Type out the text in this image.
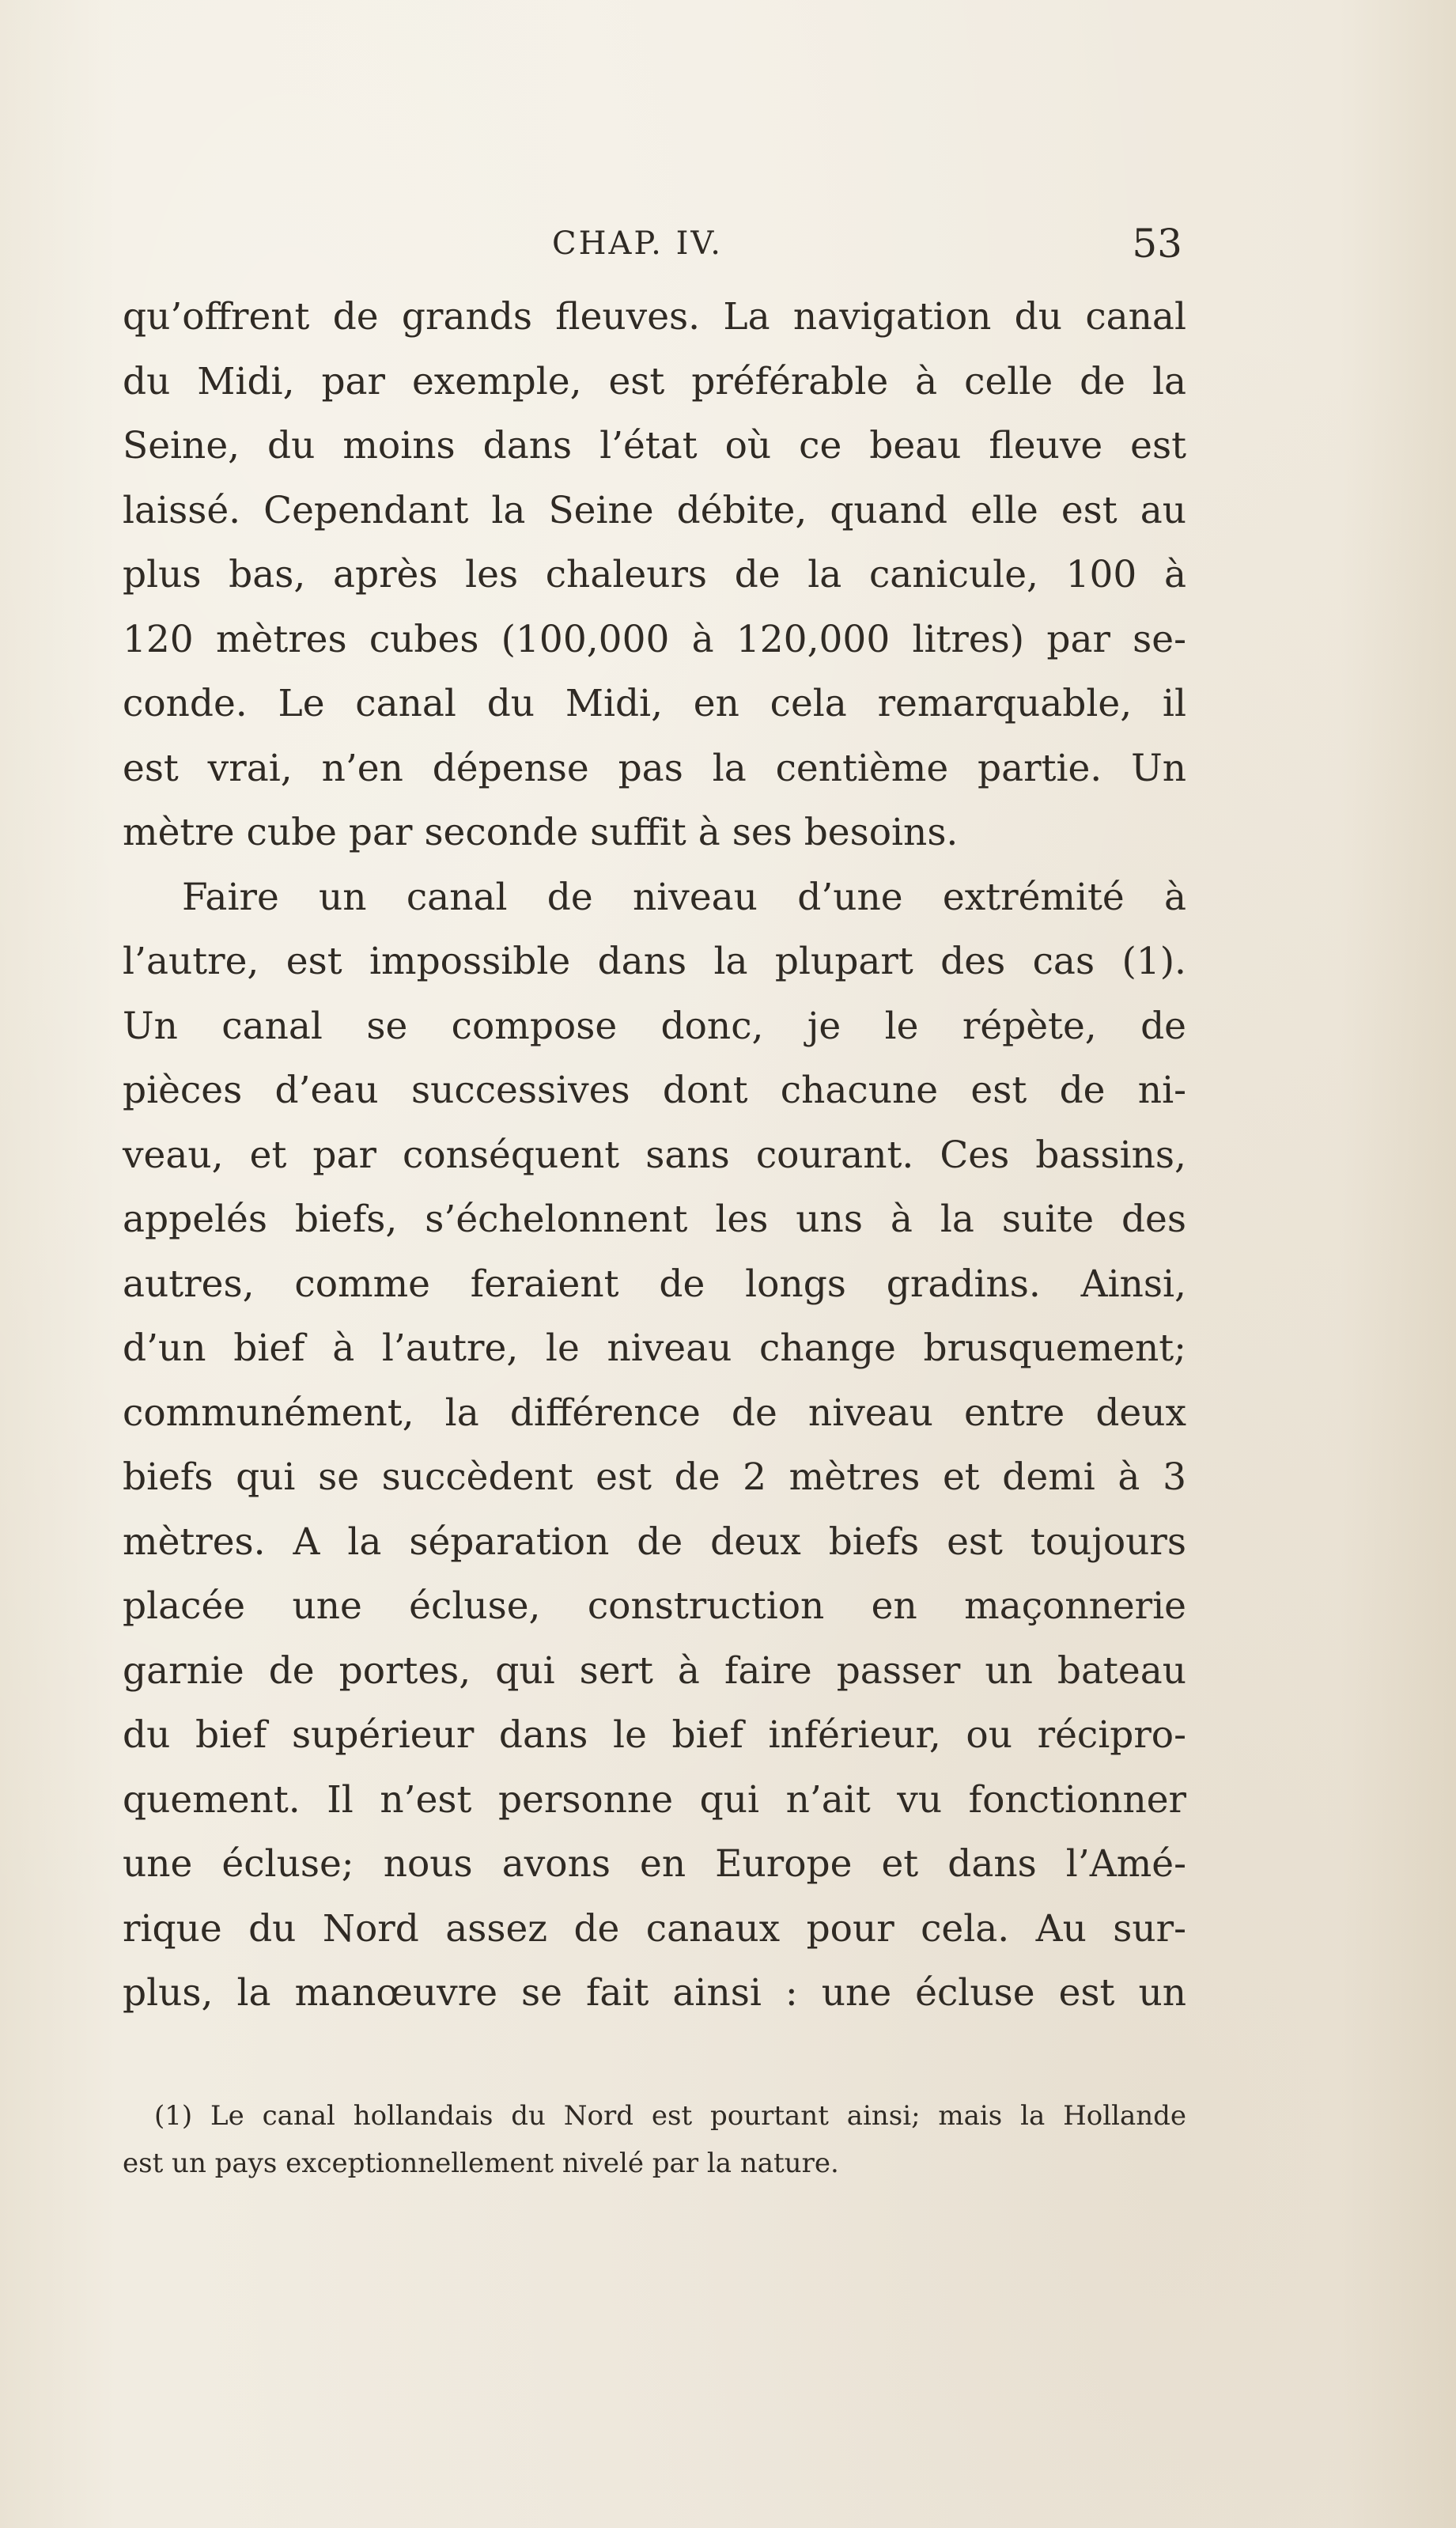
CHAP. IV.	53
qu’offrent de grands fleuves. La navigation du canal
du Midi, par exemple, est préférable à celle de la
Seine, du moins dans l’état où ce beau fleuve est
laissé. Cependant la Seine débite, quand elle est au
plus bas, après les chaleurs de la canicule, 100 à
120 mètres cubes (100,000 à 120,000 litres) par se-
conde. Le canal du Midi, en cela remarquable, il
est vrai, n’en dépense pas la centième partie. Un
mètre cube par seconde suffit à ses besoins.
Faire un canal de niveau d’une extrémité à
l’autre, est impossible dans la plupart des cas (1).
Un canal se compose donc, je le répète, de
pièces d’eau successives dont chacune est de ni-
veau, et par conséquent sans courant. Ces bassins,
appelés biefs, s’échelonnent les uns à la suite des
autres, comme feraient de longs gradins. Ainsi,
d’un bief à l’autre, le niveau change brusquement;
communément, la différence de niveau entre deux
biefs qui se succèdent est de 2 mètres et demi à 3
mètres. A la séparation de deux biefs est toujours
placée une écluse, construction en maçonnerie
garnie de portes, qui sert à faire passer un bateau
du bief supérieur dans le bief inférieur, ou récipro-
quement. Il n’est personne qui n’ait vu fonctionner
une écluse; nous avons en Europe et dans l’Amé-
rique du Nord assez de canaux pour cela. Au sur-
plus, la manœuvre se fait ainsi : une écluse est un
(1) Le canal hollandais du Nord est pourtant ainsi; mais la Hollande
est un pays exceptionnellement nivelé par la nature.
